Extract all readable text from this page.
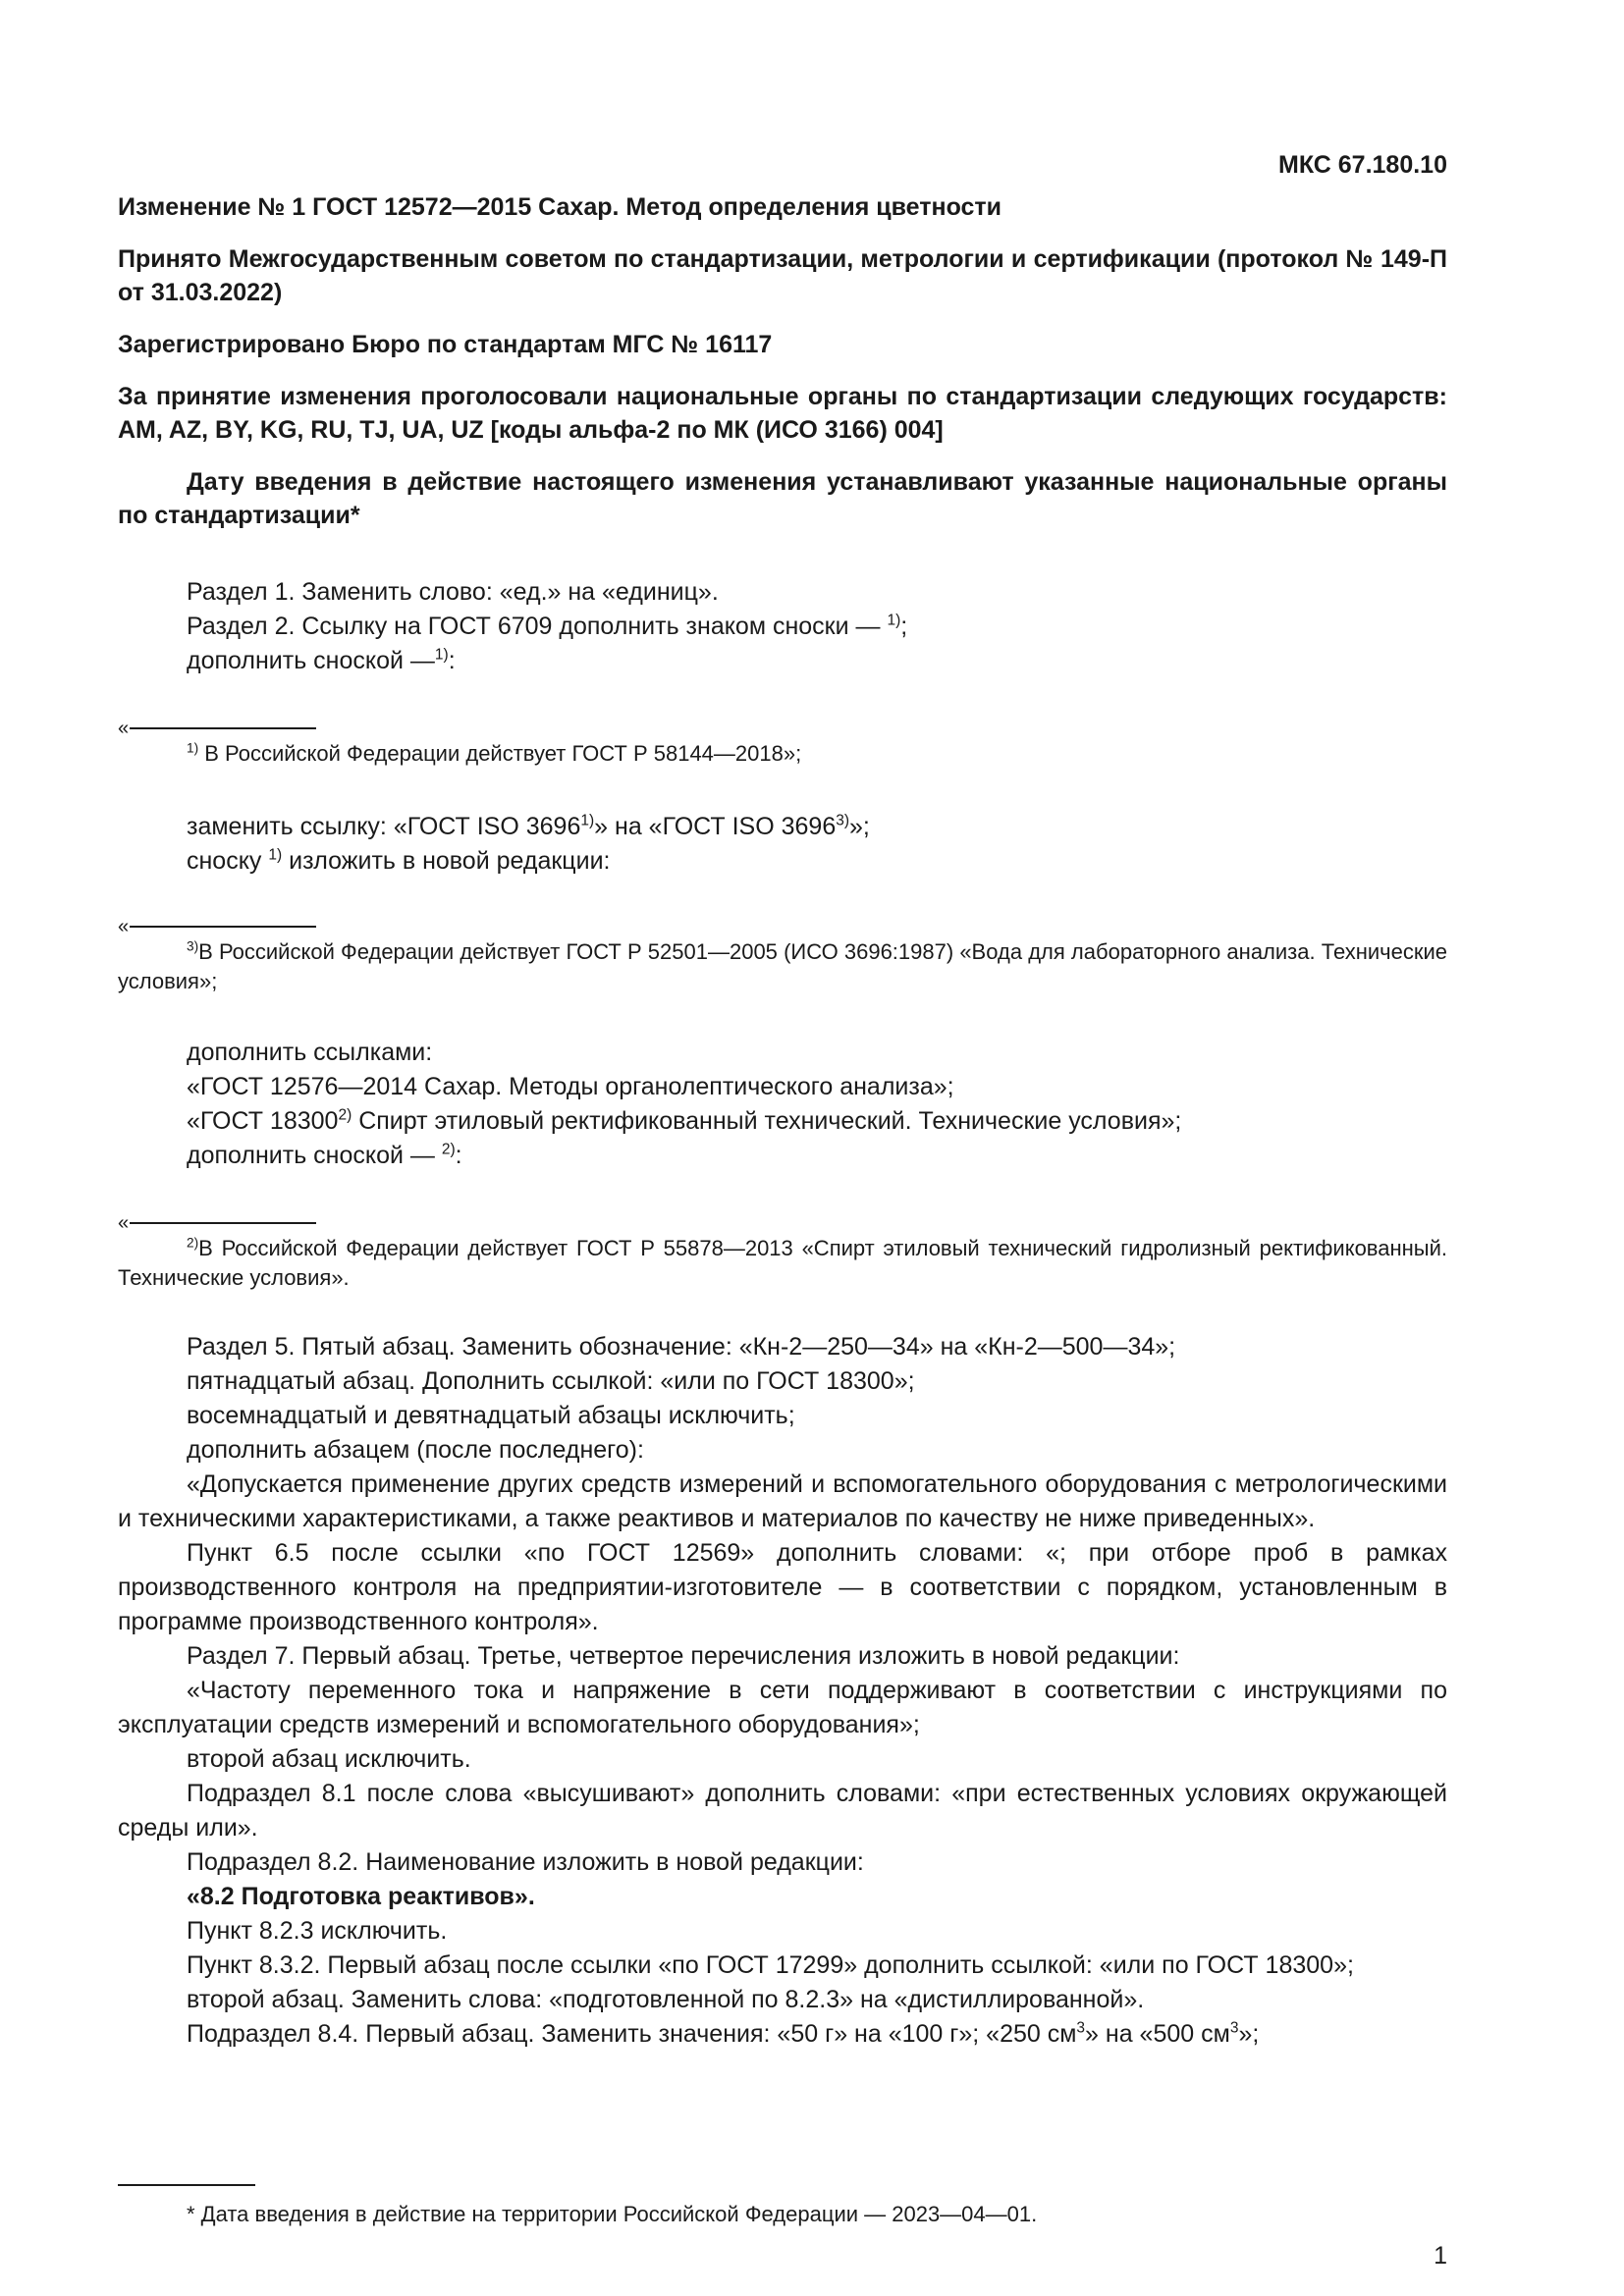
МКС 67.180.10

Изменение № 1 ГОСТ 12572—2015 Сахар. Метод определения цветности

Принято Межгосударственным советом по стандартизации, метрологии и сертификации (протокол № 149-П от 31.03.2022)

Зарегистрировано Бюро по стандартам МГС № 16117

За принятие изменения проголосовали национальные органы по стандартизации следующих государств: AM, AZ, BY, KG, RU, TJ, UA, UZ [коды альфа-2 по МК (ИСО 3166) 004]

Дату введения в действие настоящего изменения устанавливают указанные национальные органы по стандартизации*

Раздел 1. Заменить слово: «ед.» на «единиц».

Раздел 2. Ссылку на ГОСТ 6709 дополнить знаком сноски — $^{1)}$;

дополнить сноской —$^{1)}$:

«

$^{1)}$ В Российской Федерации действует ГОСТ Р 58144—2018»;

заменить ссылку: «ГОСТ ISO 3696$^{1)}$» на «ГОСТ ISO 3696$^{3)}$»;

сноску $^{1)}$ изложить в новой редакции:

«

$^{3)}$В Российской Федерации действует ГОСТ Р 52501—2005 (ИСО 3696:1987) «Вода для лабораторного анализа. Технические условия»;

дополнить ссылками:

«ГОСТ 12576—2014 Сахар. Методы органолептического анализа»;

«ГОСТ 18300$^{2)}$ Спирт этиловый ректификованный технический. Технические условия»;

дополнить сноской — $^{2)}$:

«

$^{2)}$В Российской Федерации действует ГОСТ Р 55878—2013 «Спирт этиловый технический гидролизный ректификованный. Технические условия».

Раздел 5. Пятый абзац. Заменить обозначение: «Кн-2—250—34» на «Кн-2—500—34»;

пятнадцатый абзац. Дополнить ссылкой: «или по ГОСТ 18300»;

восемнадцатый и девятнадцатый абзацы исключить;

дополнить абзацем (после последнего):

«Допускается применение других средств измерений и вспомогательного оборудования с метрологическими и техническими характеристиками, а также реактивов и материалов по качеству не ниже приведенных».

Пункт 6.5 после ссылки «по ГОСТ 12569» дополнить словами: «; при отборе проб в рамках производственного контроля на предприятии-изготовителе — в соответствии с порядком, установленным в программе производственного контроля».

Раздел 7. Первый абзац. Третье, четвертое перечисления изложить в новой редакции:

«Частоту переменного тока и напряжение в сети поддерживают в соответствии с инструкциями по эксплуатации средств измерений и вспомогательного оборудования»;

второй абзац исключить.

Подраздел 8.1 после слова «высушивают» дополнить словами: «при естественных условиях окружающей среды или».

Подраздел 8.2. Наименование изложить в новой редакции:

«8.2 Подготовка реактивов».

Пункт 8.2.3 исключить.

Пункт 8.3.2. Первый абзац после ссылки «по ГОСТ 17299» дополнить ссылкой: «или по ГОСТ 18300»;

второй абзац. Заменить слова: «подготовленной по 8.2.3» на «дистиллированной».

Подраздел 8.4. Первый абзац. Заменить значения: «50 г» на «100 г»; «250 $см^3$» на «500 $см^3$»;

* Дата введения в действие на территории Российской Федерации — 2023—04—01.

1
